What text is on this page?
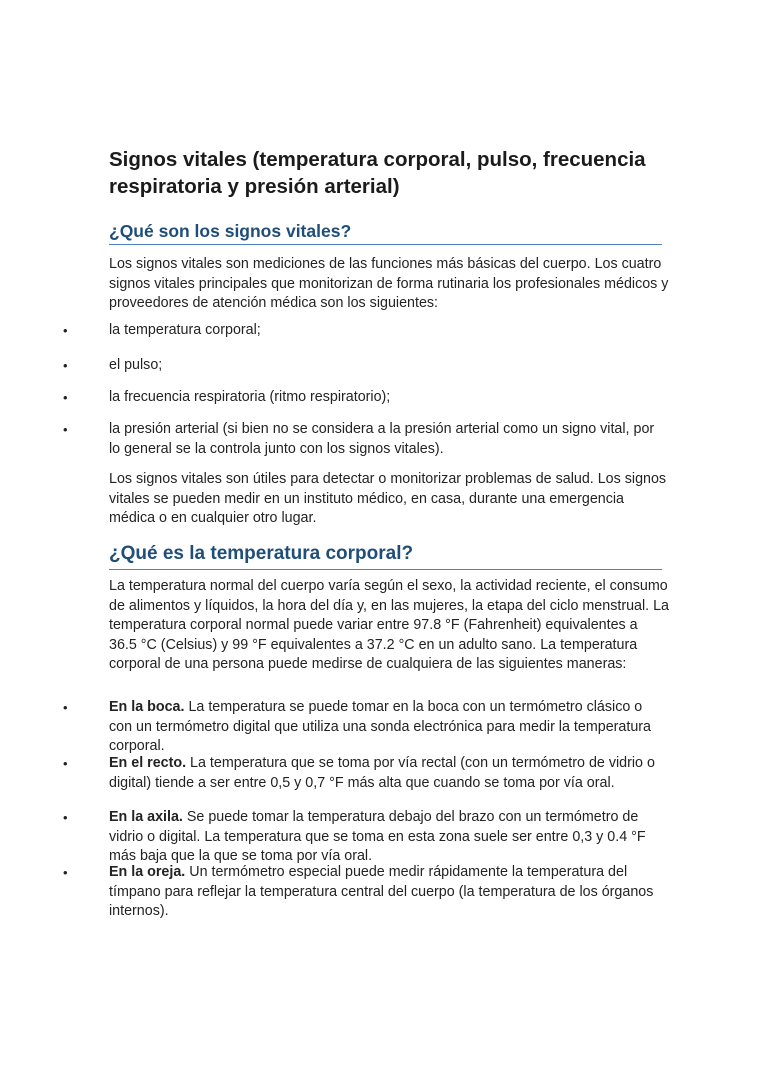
Signos vitales (temperatura corporal, pulso, frecuencia respiratoria y presión arterial)
¿Qué son los signos vitales?

Los signos vitales son mediciones de las funciones más básicas del cuerpo. Los cuatro signos vitales principales que monitorizan de forma rutinaria los profesionales médicos y proveedores de atención médica son los siguientes:

•	la temperatura corporal;

•	el pulso;

•	la frecuencia respiratoria (ritmo respiratorio);

•	la presión arterial (si bien no se considera a la presión arterial como un signo vital, por lo general se la controla junto con los signos vitales).

Los signos vitales son útiles para detectar o monitorizar problemas de salud. Los signos vitales se pueden medir en un instituto médico, en casa, durante una emergencia médica o en cualquier otro lugar.

¿Qué es la temperatura corporal?

La temperatura normal del cuerpo varía según el sexo, la actividad reciente, el consumo de alimentos y líquidos, la hora del día y, en las mujeres, la etapa del ciclo menstrual. La temperatura corporal normal puede variar entre 97.8 °F (Fahrenheit) equivalentes a 36.5 °C (Celsius) y 99 °F equivalentes a 37.2 °C en un adulto sano. La temperatura corporal de una persona puede medirse de cualquiera de las siguientes maneras:

•	En la boca. La temperatura se puede tomar en la boca con un termómetro clásico o con un termómetro digital que utiliza una sonda electrónica para medir la temperatura corporal.

•	En el recto. La temperatura que se toma por vía rectal (con un termómetro de vidrio o digital) tiende a ser entre 0,5 y 0,7 °F más alta que cuando se toma por vía oral.

•	En la axila. Se puede tomar la temperatura debajo del brazo con un termómetro de vidrio o digital. La temperatura que se toma en esta zona suele ser entre 0,3 y 0.4 °F más baja que la que se toma por vía oral.

•	En la oreja. Un termómetro especial puede medir rápidamente la temperatura del tímpano para reflejar la temperatura central del cuerpo (la temperatura de los órganos internos).
